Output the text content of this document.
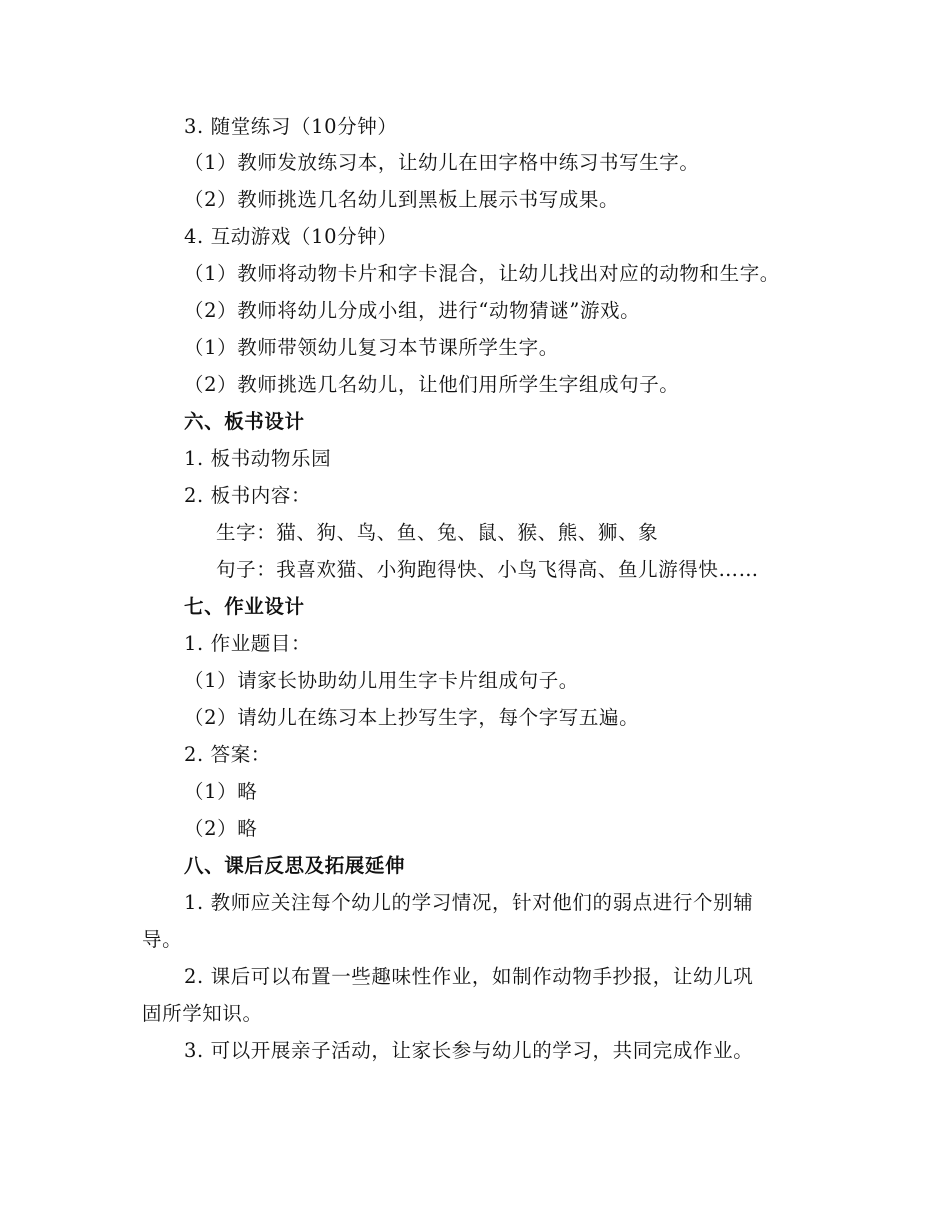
3. 随堂练习（10分钟）
（1）教师发放练习本，让幼儿在田字格中练习书写生字。
（2）教师挑选几名幼儿到黑板上展示书写成果。
4. 互动游戏（10分钟）
（1）教师将动物卡片和字卡混合，让幼儿找出对应的动物和生字。
（2）教师将幼儿分成小组，进行“动物猜谜”游戏。
（1）教师带领幼儿复习本节课所学生字。
（2）教师挑选几名幼儿，让他们用所学生字组成句子。
六、板书设计
1. 板书动物乐园
2. 板书内容：
生字：猫、狗、鸟、鱼、兔、鼠、猴、熊、狮、象
句子：我喜欢猫、小狗跑得快、小鸟飞得高、鱼儿游得快……
七、作业设计
1. 作业题目：
（1）请家长协助幼儿用生字卡片组成句子。
（2）请幼儿在练习本上抄写生字，每个字写五遍。
2. 答案：
（1）略
（2）略
八、课后反思及拓展延伸
1. 教师应关注每个幼儿的学习情况，针对他们的弱点进行个别辅
导。
2. 课后可以布置一些趣味性作业，如制作动物手抄报，让幼儿巩
固所学知识。
3. 可以开展亲子活动，让家长参与幼儿的学习，共同完成作业。
